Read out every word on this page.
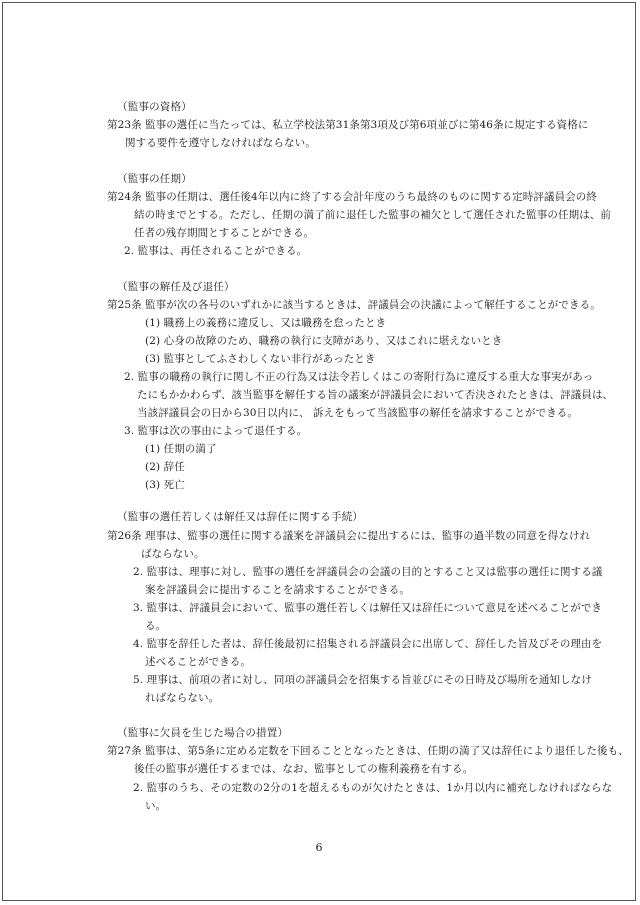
（監事の資格）
第23条 監事の選任に当たっては、私立学校法第31条第3項及び第6項並びに第46条に規定する資格に
関する要件を遵守しなければならない。
（監事の任期）
第24条 監事の任期は、選任後4年以内に終了する会計年度のうち最終のものに関する定時評議員会の終
結の時までとする。ただし、任期の満了前に退任した監事の補欠として選任された監事の任期は、前
任者の残存期間とすることができる。
2. 監事は、再任されることができる。
（監事の解任及び退任）
第25条 監事が次の各号のいずれかに該当するときは、評議員会の決議によって解任することができる。
(1) 職務上の義務に違反し、又は職務を怠ったとき
(2) 心身の故障のため、職務の執行に支障があり、又はこれに堪えないとき
(3) 監事としてふさわしくない非行があったとき
2. 監事の職務の執行に関し不正の行為又は法令若しくはこの寄附行為に違反する重大な事実があっ
たにもかかわらず、該当監事を解任する旨の議案が評議員会において否決されたときは、評議員は、
当該評議員会の日から30日以内に、 訴えをもって当該監事の解任を請求することができる。
3. 監事は次の事由によって退任する。
(1) 任期の満了
(2) 辞任
(3) 死亡
（監事の選任若しくは解任又は辞任に関する手続）
第26条 理事は、監事の選任に関する議案を評議員会に提出するには、監事の過半数の同意を得なけれ
ばならない。
2. 監事は、理事に対し、監事の選任を評議員会の会議の目的とすること又は監事の選任に関する議
案を評議員会に提出することを請求することができる。
3. 監事は、評議員会において、監事の選任若しくは解任又は辞任について意見を述べることができ
る。
4. 監事を辞任した者は、辞任後最初に招集される評議員会に出席して、辞任した旨及びその理由を
述べることができる。
5. 理事は、前項の者に対し、同項の評議員会を招集する旨並びにその日時及び場所を通知しなけ
ればならない。
（監事に欠員を生じた場合の措置）
第27条 監事は、第5条に定める定数を下回ることとなったときは、任期の満了又は辞任により退任した後も、
後任の監事が選任するまでは、なお、監事としての権利義務を有する。
2. 監事のうち、その定数の2分の1を超えるものが欠けたときは、1か月以内に補充しなければならな
い。
6
